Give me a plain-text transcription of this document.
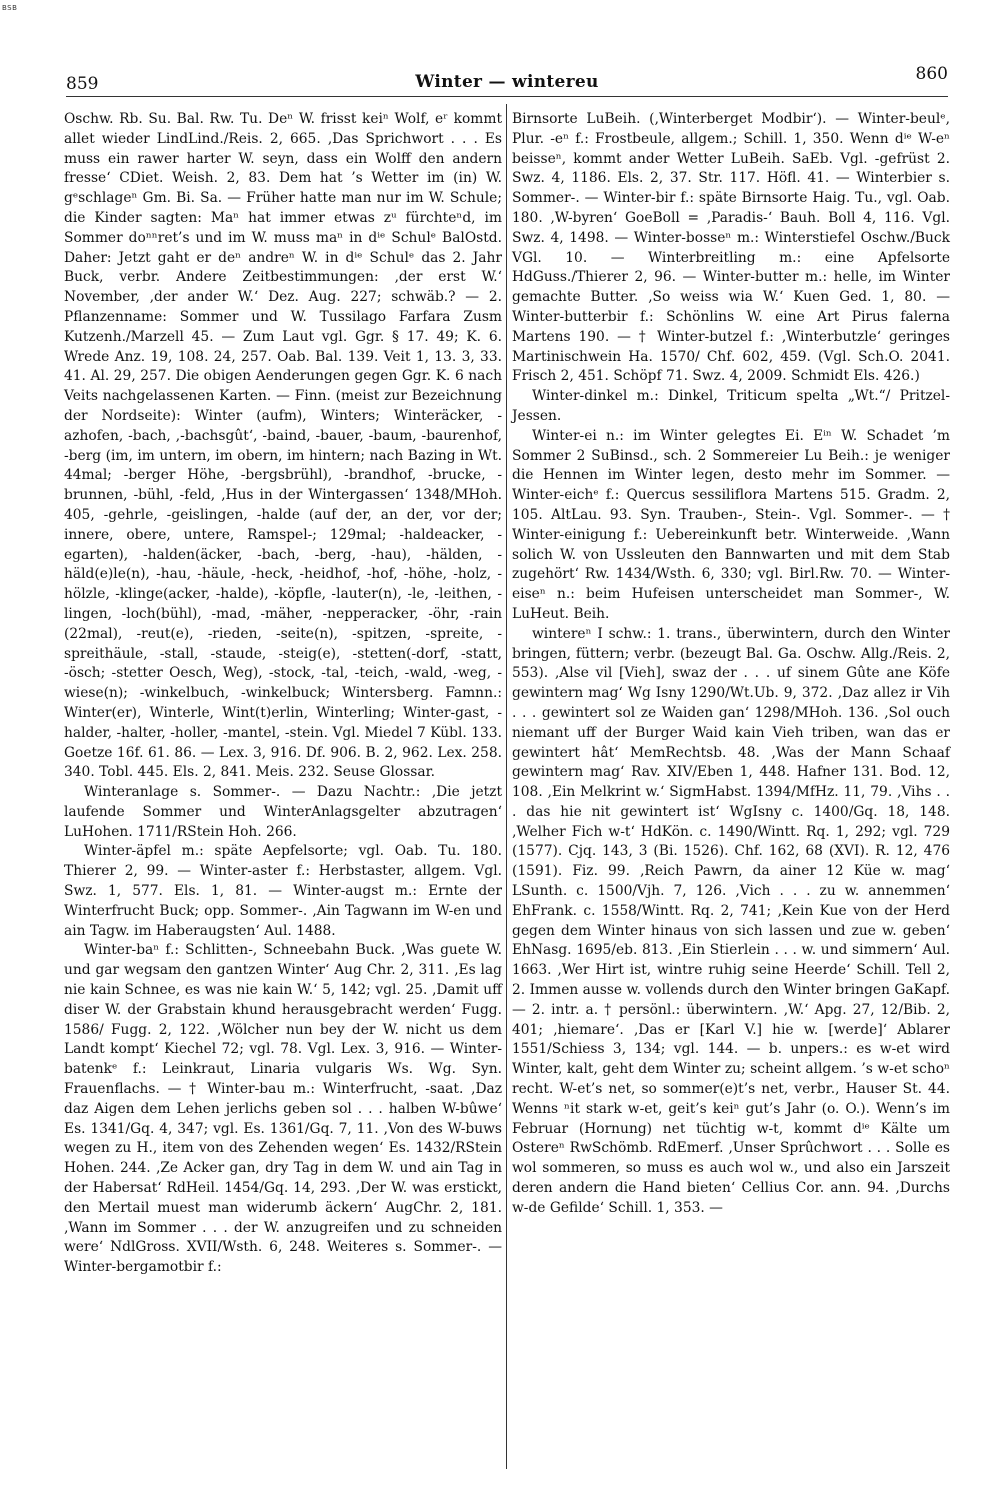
BSB
859	Winter — wintereu	860

Oschw. Rb. Su. Bal. Rw. Tu. Deⁿ W. frisst keiⁿ Wolf, eʳ kommt allet wieder LindLind./Reis. 2, 665. ‚Das Sprichwort . . . Es muss ein rawer harter W. seyn, dass ein Wolff den andern fresse‘ CDiet. Weish. 2, 83. Dem hat ’s Wetter im (in) W. gᵉschlageⁿ Gm. Bi. Sa. — Früher hatte man nur im W. Schule; die Kinder sagten: Maⁿ hat immer etwas zᵘ fürchteⁿd, im Sommer doⁿⁿret’s und im W. muss maⁿ in dⁱᵉ Schulᵉ BalOstd. Daher: Jetzt gaht er deⁿ andreⁿ W. in dⁱᵉ Schulᵉ das 2. Jahr Buck, verbr. Andere Zeitbestimmungen: ‚der erst W.‘ November, ‚der ander W.‘ Dez. Aug. 227; schwäb.? — 2. Pflanzenname: Sommer und W. Tussilago Farfara Zusm Kutzenh./Marzell 45. — Zum Laut vgl. Ggr. § 17. 49; K. 6. Wrede Anz. 19, 108. 24, 257. Oab. Bal. 139. Veit 1, 13. 3, 33. 41. Al. 29, 257. Die obigen Aenderungen gegen Ggr. K. 6 nach Veits nachgelassenen Karten. — Finn. (meist zur Bezeichnung der Nordseite): Winter (aufm), Winters; Winteräcker, -azhofen, -bach, ‚-bachsgût‘, -baind, -bauer, -baum, -baurenhof, -berg (im, im untern, im obern, im hintern; nach Bazing in Wt. 44mal; -berger Höhe, -bergsbrühl), -brandhof, -brucke, -brunnen, -bühl, -feld, ‚Hus in der Wintergassen‘ 1348/MHoh. 405, -gehrle, -geislingen, -halde (auf der, an der, vor der; innere, obere, untere, Ramspel-; 129mal; -haldeacker, -egarten), -halden(äcker, -bach, -berg, -hau), -hälden, -häld(e)le(n), -hau, -häule, -heck, -heidhof, -hof, -höhe, -holz, -hölzle, -klinge(acker, -halde), -köpfle, -lauter(n), -le, -leithen, -lingen, -loch(bühl), -mad, -mäher, -nepperacker, -öhr, -rain (22mal), -reut(e), -rieden, -seite(n), -spitzen, -spreite, -spreithäule, -stall, -staude, -steig(e), -stetten(-dorf, -statt, -ösch; -stetter Oesch, Weg), -stock, -tal, -teich, -wald, -weg, -wiese(n); -winkelbuch, -winkelbuck; Wintersberg. Famnn.: Winter(er), Winterle, Wint(t)erlin, Winterling; Winter-gast, -halder, -halter, -holler, -mantel, -stein. Vgl. Miedel 7 Kübl. 133. Goetze 16f. 61. 86. — Lex. 3, 916. Df. 906. B. 2, 962. Lex. 258. 340. Tobl. 445. Els. 2, 841. Meis. 232. Seuse Glossar.

Winteranlage s. Sommer-. — Dazu Nachtr.: ‚Die jetzt laufende Sommer und WinterAnlagsgelter abzutragen‘ LuHohen. 1711/RStein Hoh. 266.

Winter-äpfel m.: späte Aepfelsorte; vgl. Oab. Tu. 180. Thierer 2, 99. — Winter-aster f.: Herbstaster, allgem. Vgl. Swz. 1, 577. Els. 1, 81. — Winter-augst m.: Ernte der Winterfrucht Buck; opp. Sommer-. ‚Ain Tagwann im W-en und ain Tagw. im Haberaugsten‘ Aul. 1488.

Winter-baⁿ f.: Schlitten-, Schneebahn Buck. ‚Was guete W. und gar wegsam den gantzen Winter‘ Aug Chr. 2, 311. ‚Es lag nie kain Schnee, es was nie kain W.‘ 5, 142; vgl. 25. ‚Damit uff diser W. der Grabstain khund herausgebracht werden‘ Fugg. 1586/ Fugg. 2, 122. ‚Wölcher nun bey der W. nicht us dem Landt kompt‘ Kiechel 72; vgl. 78. Vgl. Lex. 3, 916. — Winter-batenkᵉ f.: Leinkraut, Linaria vulgaris Ws. Wg. Syn. Frauenflachs. — † Winter-bau m.: Winterfrucht, -saat. ‚Daz daz Aigen dem Lehen jerlichs geben sol . . . halben W-bûwe‘ Es. 1341/Gq. 4, 347; vgl. Es. 1361/Gq. 7, 11. ‚Von des W-buws wegen zu H., item von des Zehenden wegen‘ Es. 1432/RStein Hohen. 244. ‚Ze Acker gan, dry Tag in dem W. und ain Tag in der Habersat‘ RdHeil. 1454/Gq. 14, 293. ‚Der W. was erstickt, den Mertail muest man widerumb äckern‘ AugChr. 2, 181. ‚Wann im Sommer . . . der W. anzugreifen und zu schneiden were‘ NdlGross. XVII/Wsth. 6, 248. Weiteres s. Sommer-. — Winter-bergamotbir f.:

Birnsorte LuBeih. (‚Winterberget Modbir‘). — Winter-beulᵉ, Plur. -eⁿ f.: Frostbeule, allgem.; Schill. 1, 350. Wenn dⁱᵉ W-eⁿ beisseⁿ, kommt ander Wetter LuBeih. SaEb. Vgl. -gefrüst 2. Swz. 4, 1186. Els. 2, 37. Str. 117. Höfl. 41. — Winterbier s. Sommer-. — Winter-bir f.: späte Birnsorte Haig. Tu., vgl. Oab. 180. ‚W-byren‘ GoeBoll = ‚Paradis-‘ Bauh. Boll 4, 116. Vgl. Swz. 4, 1498. — Winter-bosseⁿ m.: Winterstiefel Oschw./Buck VGl. 10. — Winterbreitling m.: eine Apfelsorte HdGuss./Thierer 2, 96. — Winter-butter m.: helle, im Winter gemachte Butter. ‚So weiss wia W.‘ Kuen Ged. 1, 80. — Winter-butterbir f.: Schönlins W. eine Art Pirus falerna Martens 190. — † Winter-butzel f.: ‚Winterbutzle‘ geringes Martinischwein Ha. 1570/ Chf. 602, 459. (Vgl. Sch.O. 2041. Frisch 2, 451. Schöpf 71. Swz. 4, 2009. Schmidt Els. 426.)

Winter-dinkel m.: Dinkel, Triticum spelta „Wt.“/ Pritzel-Jessen.

Winter-ei n.: im Winter gelegtes Ei. Eⁱⁿ W. Schadet ’m Sommer 2 SuBinsd., sch. 2 Sommereier Lu Beih.: je weniger die Hennen im Winter legen, desto mehr im Sommer. — Winter-eichᵉ f.: Quercus sessiliflora Martens 515. Gradm. 2, 105. AltLau. 93. Syn. Trauben-, Stein-. Vgl. Sommer-. — † Winter-einigung f.: Uebereinkunft betr. Winterweide. ‚Wann solich W. von Ussleuten den Bannwarten und mit dem Stab zugehört‘ Rw. 1434/Wsth. 6, 330; vgl. Birl.Rw. 70. — Winter-eiseⁿ n.: beim Hufeisen unterscheidet man Sommer-, W. LuHeut. Beih.

wintereⁿ I schw.: 1. trans., überwintern, durch den Winter bringen, füttern; verbr. (bezeugt Bal. Ga. Oschw. Allg./Reis. 2, 553). ‚Alse vil [Vieh], swaz der . . . uf sinem Gûte ane Köfe gewintern mag‘ Wg Isny 1290/Wt.Ub. 9, 372. ‚Daz allez ir Vih . . . gewintert sol ze Waiden gan‘ 1298/MHoh. 136. ‚Sol ouch niemant uff der Burger Waid kain Vieh triben, wan das er gewintert hât‘ MemRechtsb. 48. ‚Was der Mann Schaaf gewintern mag‘ Rav. XIV/Eben 1, 448. Hafner 131. Bod. 12, 108. ‚Ein Melkrint w.‘ SigmHabst. 1394/MfHz. 11, 79. ‚Vihs . . . das hie nit gewintert ist‘ WgIsny c. 1400/Gq. 18, 148. ‚Welher Fich w-t‘ HdKön. c. 1490/Wintt. Rq. 1, 292; vgl. 729 (1577). Cjq. 143, 3 (Bi. 1526). Chf. 162, 68 (XVI). R. 12, 476 (1591). Fiz. 99. ‚Reich Pawrn, da ainer 12 Küe w. mag‘ LSunth. c. 1500/Vjh. 7, 126. ‚Vich . . . zu w. annemmen‘ EhFrank. c. 1558/Wintt. Rq. 2, 741; ‚Kein Kue von der Herd gegen dem Winter hinaus von sich lassen und zue w. geben‘ EhNasg. 1695/eb. 813. ‚Ein Stierlein . . . w. und simmern‘ Aul. 1663. ‚Wer Hirt ist, wintre ruhig seine Heerde‘ Schill. Tell 2, 2. Immen ausse w. vollends durch den Winter bringen GaKapf. — 2. intr. a. † persönl.: überwintern. ‚W.‘ Apg. 27, 12/Bib. 2, 401; ‚hiemare‘. ‚Das er [Karl V.] hie w. [werde]‘ Ablarer 1551/Schiess 3, 134; vgl. 144. — b. unpers.: es w-et wird Winter, kalt, geht dem Winter zu; scheint allgem. ’s w-et schoⁿ recht. W-et’s net, so sommer(e)t’s net, verbr., Hauser St. 44. Wenns ⁿit stark w-et, geit’s keiⁿ gut’s Jahr (o. O.). Wenn’s im Februar (Hornung) net tüchtig w-t, kommt dⁱᵉ Kälte um Ostereⁿ RwSchömb. RdEmerf. ‚Unser Sprûchwort . . . Solle es wol sommeren, so muss es auch wol w., und also ein Jarszeit deren andern die Hand bieten‘ Cellius Cor. ann. 94. ‚Durchs w-de Gefilde‘ Schill. 1, 353. —
